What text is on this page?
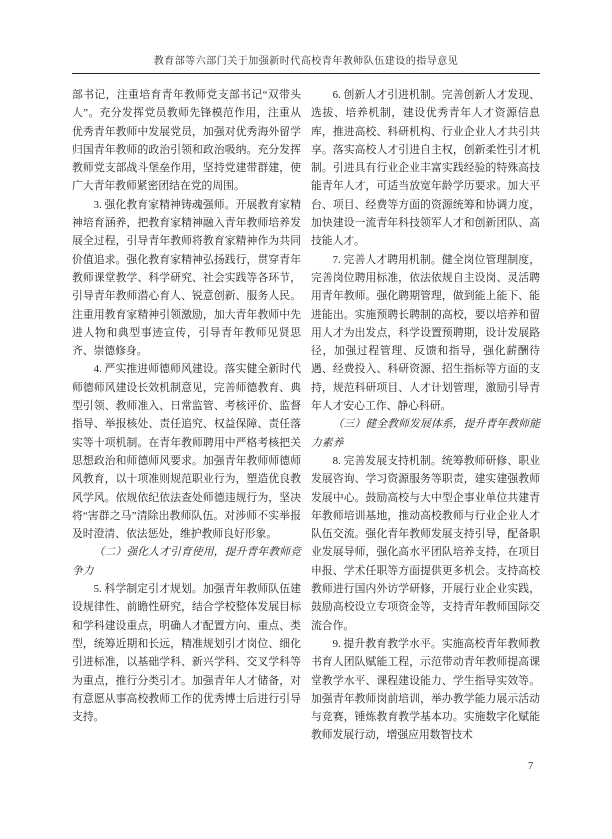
教育部等六部门关于加强新时代高校青年教师队伍建设的指导意见

部书记，注重培育青年教师党支部书记“双带头人”。充分发挥党员教师先锋模范作用，注重从优秀青年教师中发展党员，加强对优秀海外留学归国青年教师的政治引领和政治吸纳。充分发挥教师党支部战斗堡垒作用，坚持党建带群建，使广大青年教师紧密团结在党的周围。

3. 强化教育家精神铸魂强师。开展教育家精神培育涵养，把教育家精神融入青年教师培养发展全过程，引导青年教师将教育家精神作为共同价值追求。强化教育家精神弘扬践行，贯穿青年教师课堂教学、科学研究、社会实践等各环节，引导青年教师潜心育人、锐意创新、服务人民。注重用教育家精神引领激励，加大青年教师中先进人物和典型事迹宣传，引导青年教师见贤思齐、崇德修身。

4. 严实推进师德师风建设。落实健全新时代师德师风建设长效机制意见，完善师德教育、典型引领、教师准入、日常监管、考核评价、监督指导、举报核处、责任追究、权益保障、责任落实等十项机制。在青年教师聘用中严格考核把关思想政治和师德师风要求。加强青年教师师德师风教育，以十项准则规范职业行为，塑造优良教风学风。依规依纪依法查处师德违规行为，坚决将“害群之马”清除出教师队伍。对涉师不实举报及时澄清、依法惩处，维护教师良好形象。

（二）强化人才引育使用，提升青年教师竞争力

5. 科学制定引才规划。加强青年教师队伍建设规律性、前瞻性研究，结合学校整体发展目标和学科建设重点，明确人才配置方向、重点、类型，统筹近期和长远，精准规划引才岗位、细化引进标准，以基础学科、新兴学科、交叉学科等为重点，推行分类引才。加强青年人才储备，对有意愿从事高校教师工作的优秀博士后进行引导支持。

6. 创新人才引进机制。完善创新人才发现、选拔、培养机制，建设优秀青年人才资源信息库，推进高校、科研机构、行业企业人才共引共享。落实高校人才引进自主权，创新柔性引才机制。引进具有行业企业丰富实践经验的特殊高技能青年人才，可适当放宽年龄学历要求。加大平台、项目、经费等方面的资源统筹和协调力度，加快建设一流青年科技领军人才和创新团队、高技能人才。

7. 完善人才聘用机制。健全岗位管理制度，完善岗位聘用标准，依法依规自主设岗、灵活聘用青年教师。强化聘期管理，做到能上能下、能进能出。实施预聘长聘制的高校，要以培养和留用人才为出发点，科学设置预聘期，设计发展路径，加强过程管理、反馈和指导，强化薪酬待遇、经费投入、科研资源、招生指标等方面的支持，规范科研项目、人才计划管理，激励引导青年人才安心工作、静心科研。

（三）健全教师发展体系，提升青年教师能力素养

8. 完善发展支持机制。统筹教师研修、职业发展咨询、学习资源服务等职责，建实建强教师发展中心。鼓励高校与大中型企事业单位共建青年教师培训基地，推动高校教师与行业企业人才队伍交流。强化青年教师发展支持引导，配备职业发展导师，强化高水平团队培养支持，在项目申报、学术任职等方面提供更多机会。支持高校教师进行国内外访学研修，开展行业企业实践，鼓励高校设立专项资金等，支持青年教师国际交流合作。

9. 提升教育教学水平。实施高校青年教师教书育人团队赋能工程，示范带动青年教师提高课堂教学水平、课程建设能力、学生指导实效等。加强青年教师岗前培训，举办教学能力展示活动与竞赛，锤炼教育教学基本功。实施数字化赋能教师发展行动，增强应用数智技术

7
